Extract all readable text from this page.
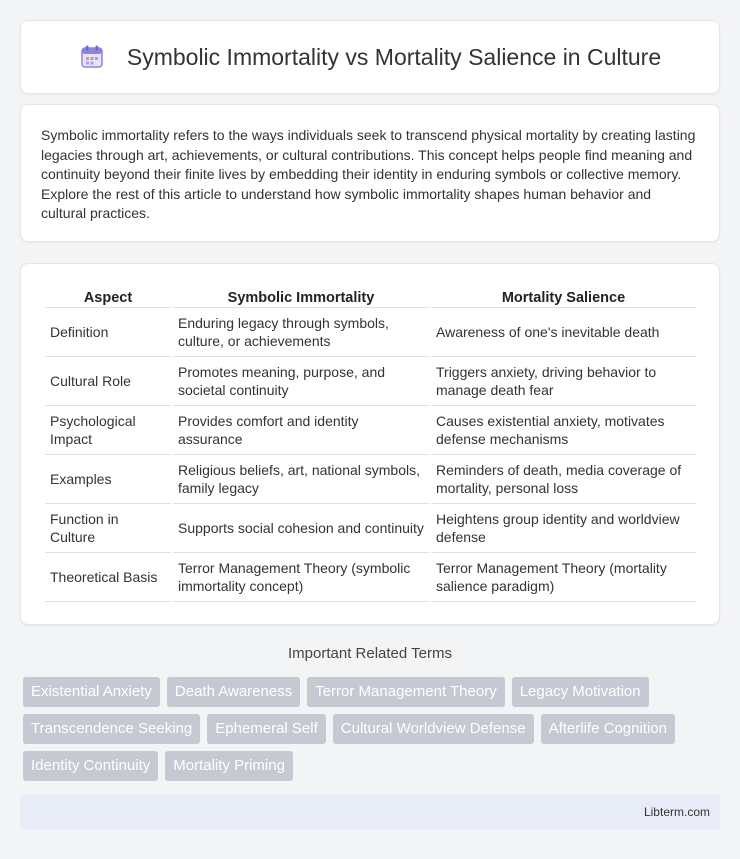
Symbolic Immortality vs Mortality Salience in Culture

Symbolic immortality refers to the ways individuals seek to transcend physical mortality by creating lasting legacies through art, achievements, or cultural contributions. This concept helps people find meaning and continuity beyond their finite lives by embedding their identity in enduring symbols or collective memory. Explore the rest of this article to understand how symbolic immortality shapes human behavior and cultural practices.

Aspect	Symbolic Immortality	Mortality Salience
Definition	Enduring legacy through symbols, culture, or achievements	Awareness of one's inevitable death
Cultural Role	Promotes meaning, purpose, and societal continuity	Triggers anxiety, driving behavior to manage death fear
Psychological Impact	Provides comfort and identity assurance	Causes existential anxiety, motivates defense mechanisms
Examples	Religious beliefs, art, national symbols, family legacy	Reminders of death, media coverage of mortality, personal loss
Function in Culture	Supports social cohesion and continuity	Heightens group identity and worldview defense
Theoretical Basis	Terror Management Theory (symbolic immortality concept)	Terror Management Theory (mortality salience paradigm)
Important Related Terms
Existential Anxiety	Death Awareness	Terror Management Theory	Legacy Motivation
Transcendence Seeking	Ephemeral Self	Cultural Worldview Defense	Afterlife Cognition
Identity Continuity	Mortality Priming
Libterm.com
